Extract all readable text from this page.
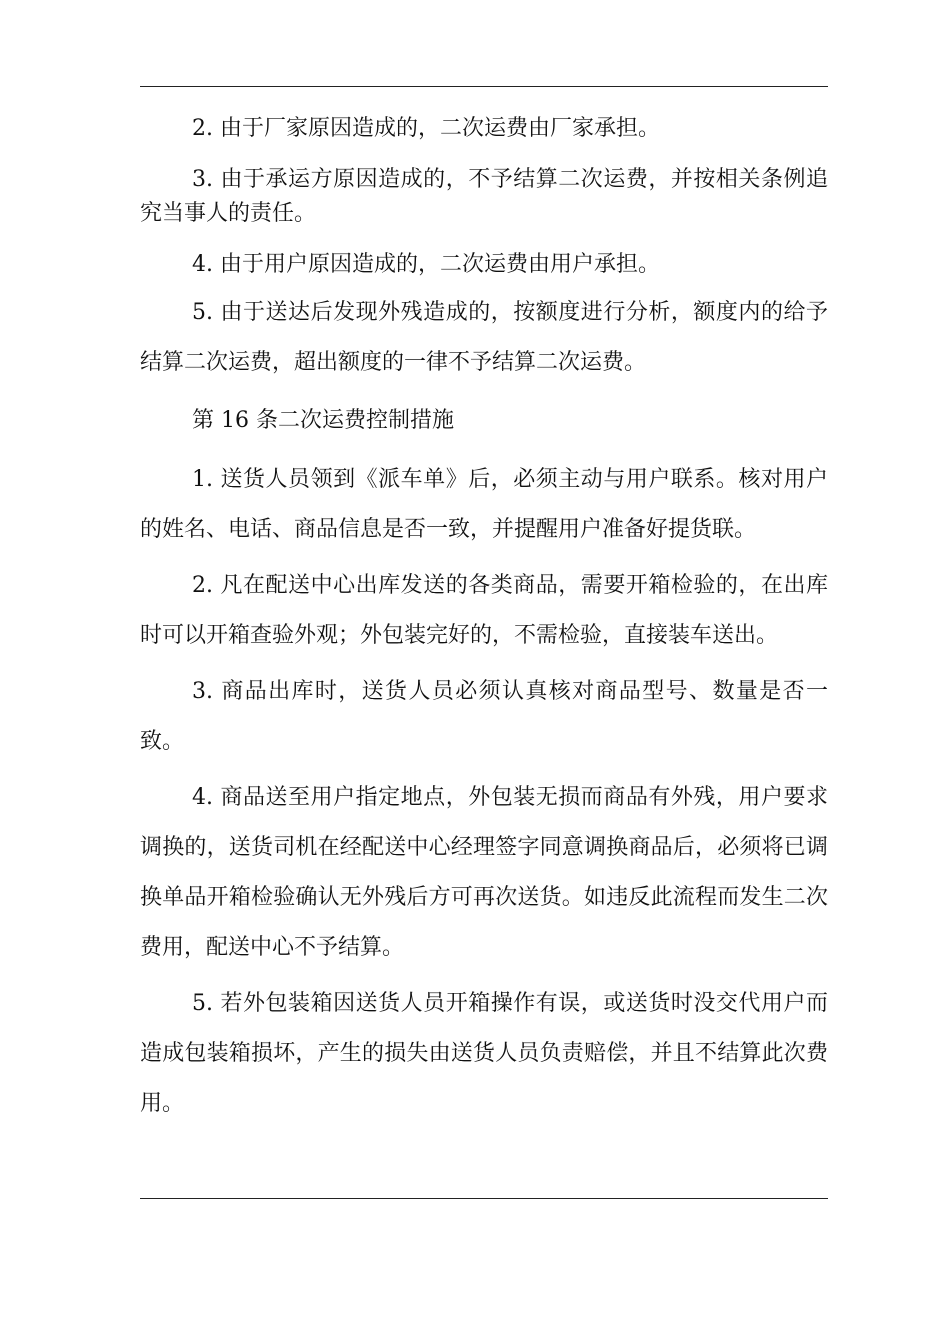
2. 由于厂家原因造成的，二次运费由厂家承担。

3. 由于承运方原因造成的，不予结算二次运费，并按相关条例追究当事人的责任。

4. 由于用户原因造成的，二次运费由用户承担。

5. 由于送达后发现外残造成的，按额度进行分析，额度内的给予结算二次运费，超出额度的一律不予结算二次运费。

第 16 条二次运费控制措施

1. 送货人员领到《派车单》后，必须主动与用户联系。核对用户的姓名、电话、商品信息是否一致，并提醒用户准备好提货联。

2. 凡在配送中心出库发送的各类商品，需要开箱检验的，在出库时可以开箱查验外观；外包装完好的，不需检验，直接装车送出。

3. 商品出库时，送货人员必须认真核对商品型号、数量是否一致。

4. 商品送至用户指定地点，外包装无损而商品有外残，用户要求调换的，送货司机在经配送中心经理签字同意调换商品后，必须将已调换单品开箱检验确认无外残后方可再次送货。如违反此流程而发生二次费用，配送中心不予结算。

5. 若外包装箱因送货人员开箱操作有误，或送货时没交代用户而造成包装箱损坏，产生的损失由送货人员负责赔偿，并且不结算此次费用。
